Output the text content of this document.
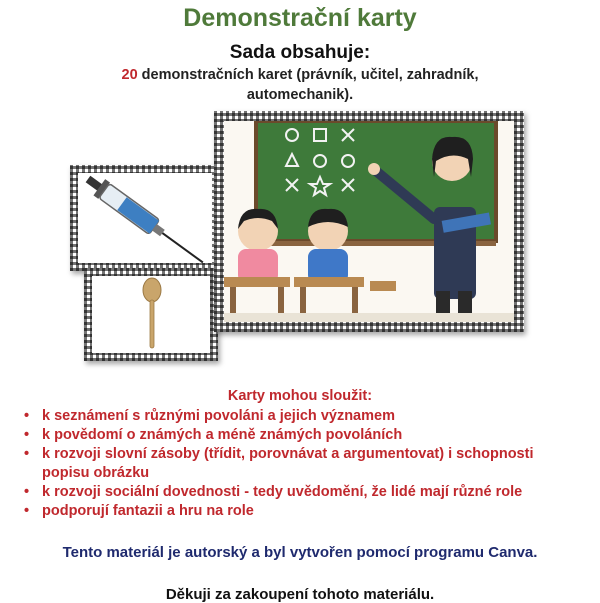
Demonstrační karty
Sada obsahuje:
20 demonstračních karet (právník, učitel, zahradník, automechanik).
Karty mohou sloužit:
• k seznámení s různými povoláni a jejich významem
• k povědomí o známých a méně známých povoláních
• k rozvoji slovní zásoby (třídit, porovnávat a argumentovat) i schopnosti popisu obrázku
• k rozvoji sociální dovednosti - tedy uvědomění, že lidé mají různé role
• podporují fantazii a hru na role
Tento materiál je autorský a byl vytvořen pomocí programu Canva.
Děkuji za zakoupení tohoto materiálu.
